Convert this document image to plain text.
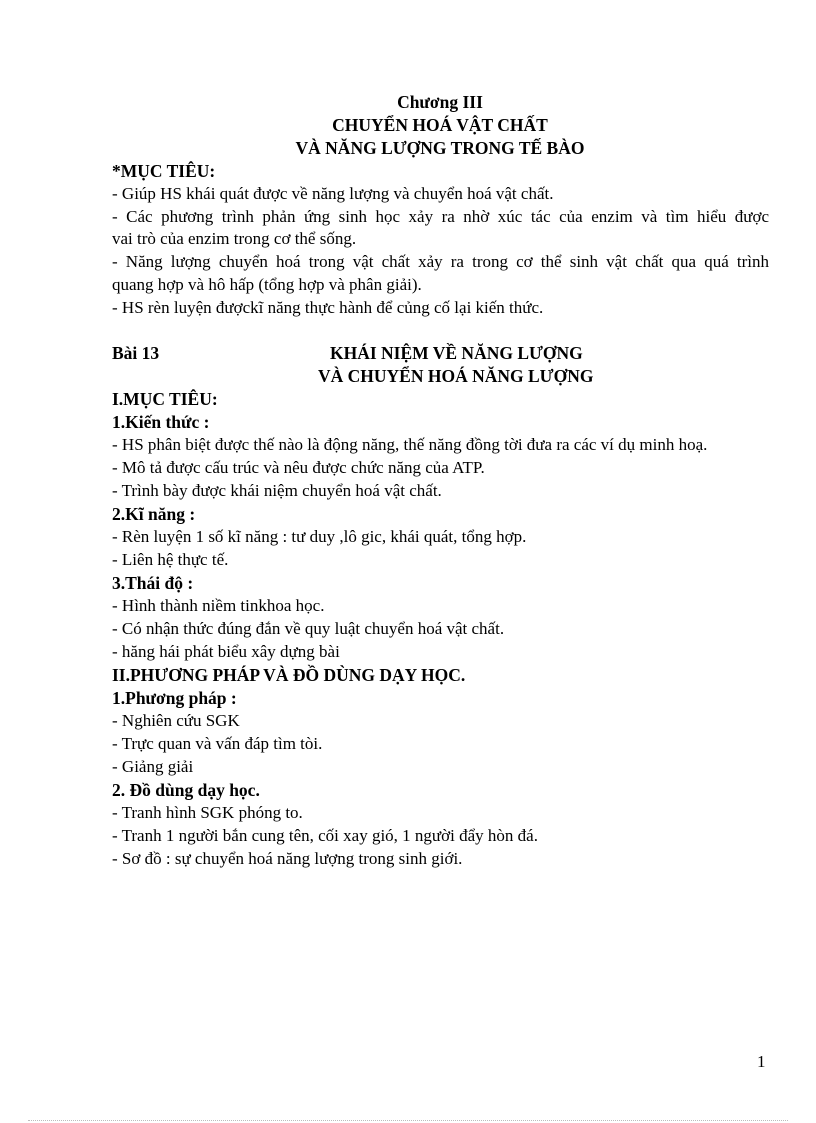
Chương III
CHUYỂN HOÁ VẬT CHẤT
VÀ NĂNG LƯỢNG TRONG TẾ BÀO
*MỤC TIÊU:
- Giúp HS khái quát được về năng lượng và chuyển hoá vật chất.
- Các phương trình phản ứng sinh học xảy ra nhờ xúc tác của enzim và tìm hiểu được
vai trò của enzim trong cơ thể sống.
- Năng lượng chuyển hoá trong vật chất xảy ra trong cơ thể sinh vật chất qua quá trình
quang hợp và hô hấp (tổng hợp và phân giải).
- HS rèn luyện đượckĩ năng thực hành để củng cố lại kiến thức.
Bài 13	KHÁI NIỆM VỀ NĂNG LƯỢNG
VÀ CHUYỂN HOÁ NĂNG LƯỢNG
I.MỤC TIÊU:
1.Kiến thức :
- HS phân biệt được thế nào là động năng, thế năng đồng tời đưa ra các ví dụ minh hoạ.
- Mô tả được cấu trúc và nêu được chức năng của ATP.
- Trình bày được khái niệm chuyển hoá vật chất.
2.Kĩ năng :
- Rèn luyện 1 số kĩ năng : tư duy ,lô gic, khái quát, tổng hợp.
- Liên hệ thực tế.
3.Thái độ :
- Hình thành niềm tinkhoa học.
- Có nhận thức đúng đắn về quy luật chuyển hoá vật chất.
- hăng hái phát biểu xây dựng bài
II.PHƯƠNG PHÁP VÀ ĐỒ DÙNG DẠY HỌC.
1.Phương pháp :
- Nghiên cứu SGK
- Trực quan và vấn đáp tìm tòi.
- Giảng giải
2. Đồ dùng dạy học.
- Tranh hình SGK phóng to.
- Tranh 1 người bắn cung tên, cối xay gió, 1 người đẩy hòn đá.
- Sơ đồ : sự chuyển hoá năng lượng trong sinh giới.
1
